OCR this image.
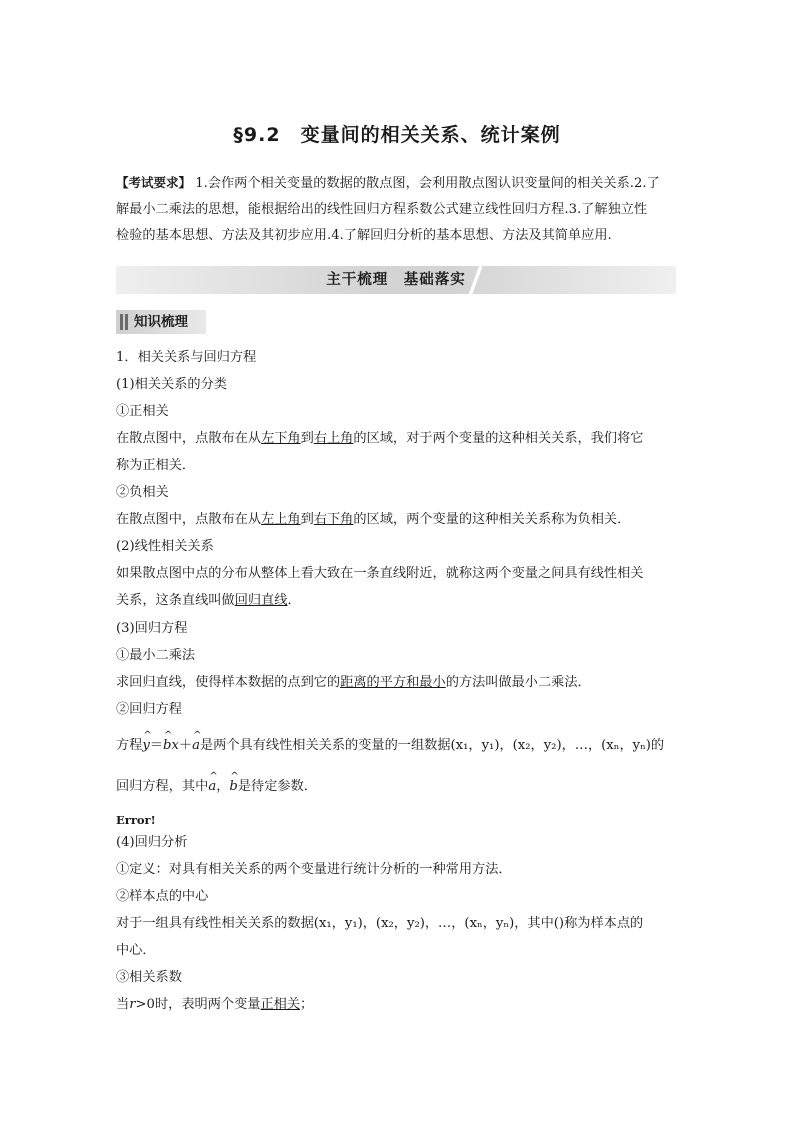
§9.2　变量间的相关关系、统计案例
【考试要求】 1.会作两个相关变量的数据的散点图，会利用散点图认识变量间的相关关系.2.了
解最小二乘法的思想，能根据给出的线性回归方程系数公式建立线性回归方程.3.了解独立性
检验的基本思想、方法及其初步应用.4.了解回归分析的基本思想、方法及其简单应用.
主干梳理　基础落实
知识梳理
1．相关关系与回归方程
(1)相关关系的分类
①正相关
在散点图中，点散布在从左下角到右上角的区域，对于两个变量的这种相关关系，我们将它
称为正相关．
②负相关
在散点图中，点散布在从左上角到右下角的区域，两个变量的这种相关关系称为负相关．
(2)线性相关关系
如果散点图中点的分布从整体上看大致在一条直线附近，就称这两个变量之间具有线性相关
关系，这条直线叫做回归直线．
(3)回归方程
①最小二乘法
求回归直线，使得样本数据的点到它的距离的平方和最小的方法叫做最小二乘法．
②回归方程
方程^ y＝^ bx＋^ a是两个具有线性相关关系的变量的一组数据(x₁，y₁)，(x₂，y₂)，…，(xₙ，yₙ)的
回归方程，其中^ a，^ b是待定参数．
Error!
(4)回归分析
①定义：对具有相关关系的两个变量进行统计分析的一种常用方法．
②样本点的中心
对于一组具有线性相关关系的数据(x₁，y₁)，(x₂，y₂)，…，(xₙ，yₙ)，其中()称为样本点的
中心．
③相关系数
当r>0时，表明两个变量正相关；
